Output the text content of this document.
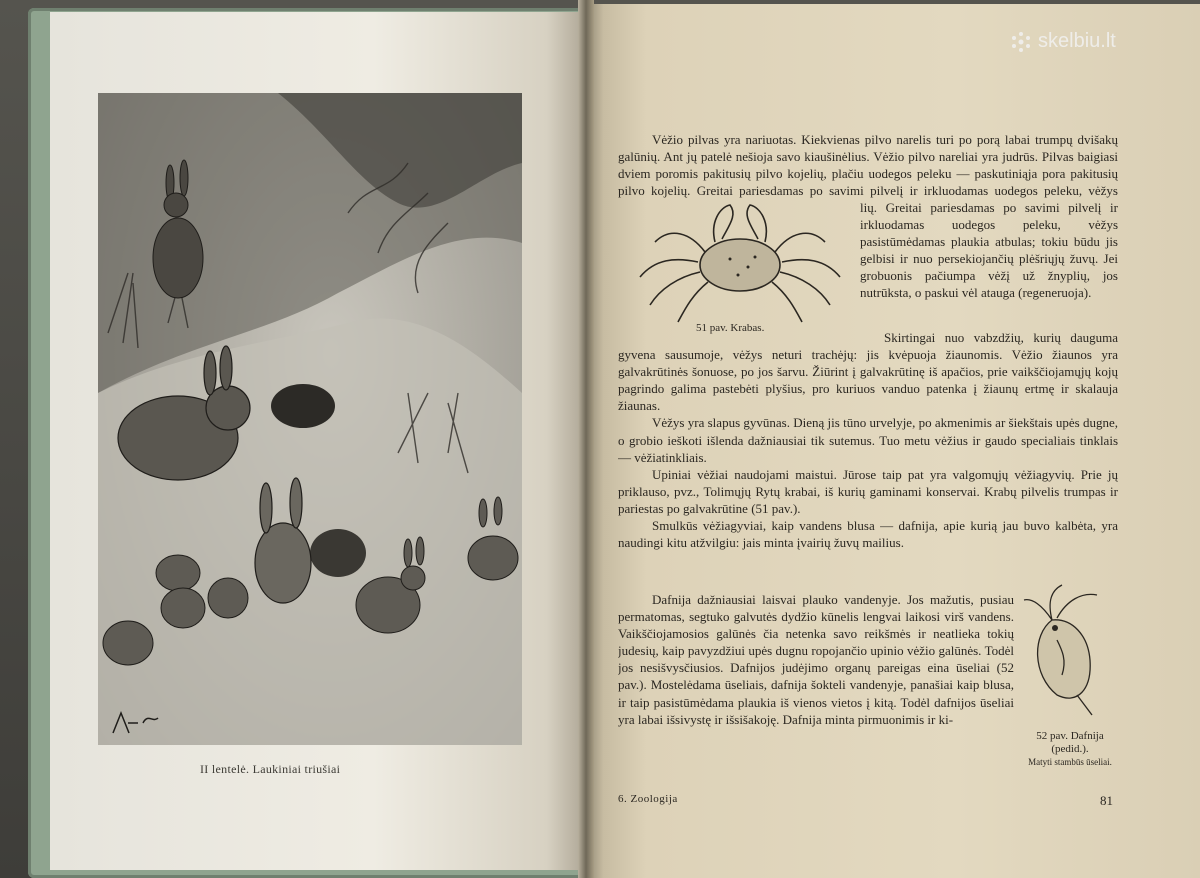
II lentelė. Laukiniai triušiai
skelbiu.lt
51 pav. Krabas.
52 pav. Dafnija (pedid.).
Matyti stambūs ūseliai.
6. Zoologija	81

Vėžio pilvas yra nariuotas. Kiekvienas pilvo narelis turi po porą labai trumpų dvišakų galūnių. Ant jų patelė nešioja savo kiaušinėlius. Vėžio pilvo nareliai yra judrūs. Pilvas baigiasi dviem poromis pakitusių pilvo kojelių, plačiu uodegos peleku — paskutiniąja pora pakitusių pilvo kojelių. Greitai pariesdamas po savimi pilvelį ir irkluodamas uodegos peleku, vėžys

lių. Greitai pariesdamas po savimi pilvelį ir irkluodamas uodegos peleku, vėžys pasistūmėdamas plaukia atbulas; tokiu būdu jis gelbisi ir nuo persekiojančių plėšriųjų žuvų. Jei grobuonis pačiumpa vėžį už žnyplių, jos nutrūksta, o paskui vėl atauga (regeneruoja).

Skirtingai nuo vabzdžių, kurių dauguma gyvena sausumoje, vėžys neturi trachėjų: jis kvėpuoja žiaunomis. Vėžio žiaunos yra galvakrūtinės šonuose, po jos šarvu. Žiūrint į galvakrūtinę iš apačios, prie vaikščiojamųjų kojų pagrindo galima pastebėti plyšius, pro kuriuos vanduo patenka į žiaunų ertmę ir skalauja žiaunas.

Vėžys yra slapus gyvūnas. Dieną jis tūno urvelyje, po akmenimis ar šiekštais upės dugne, o grobio ieškoti išlenda dažniausiai tik sutemus. Tuo metu vėžius ir gaudo specialiais tinklais — vėžiatinkliais.

Upiniai vėžiai naudojami maistui. Jūrose taip pat yra valgomųjų vėžiagyvių. Prie jų priklauso, pvz., Tolimųjų Rytų krabai, iš kurių gaminami konservai. Krabų pilvelis trumpas ir pariestas po galvakrūtine (51 pav.).

Smulkūs vėžiagyviai, kaip vandens blusa — dafnija, apie kurią jau buvo kalbėta, yra naudingi kitu atžvilgiu: jais minta įvairių žuvų mailius.

Dafnija dažniausiai laisvai plauko vandenyje. Jos mažutis, pusiau permatomas, segtuko galvutės dydžio kūnelis lengvai laikosi virš vandens. Vaikščiojamosios galūnės čia netenka savo reikšmės ir neatlieka tokių judesių, kaip pavyzdžiui upės dugnu ropojančio upinio vėžio galūnės. Todėl jos nesišvysčiusios. Dafnijos judėjimo organų pareigas eina ūseliai (52 pav.). Mostelėdama ūseliais, dafnija šokteli vandenyje, panašiai kaip blusa, ir taip pasistūmėdama plaukia iš vienos vietos į kitą. Todėl dafnijos ūseliai yra labai išsivystę ir išsišakoję. Dafnija minta pirmuonimis ir ki-
